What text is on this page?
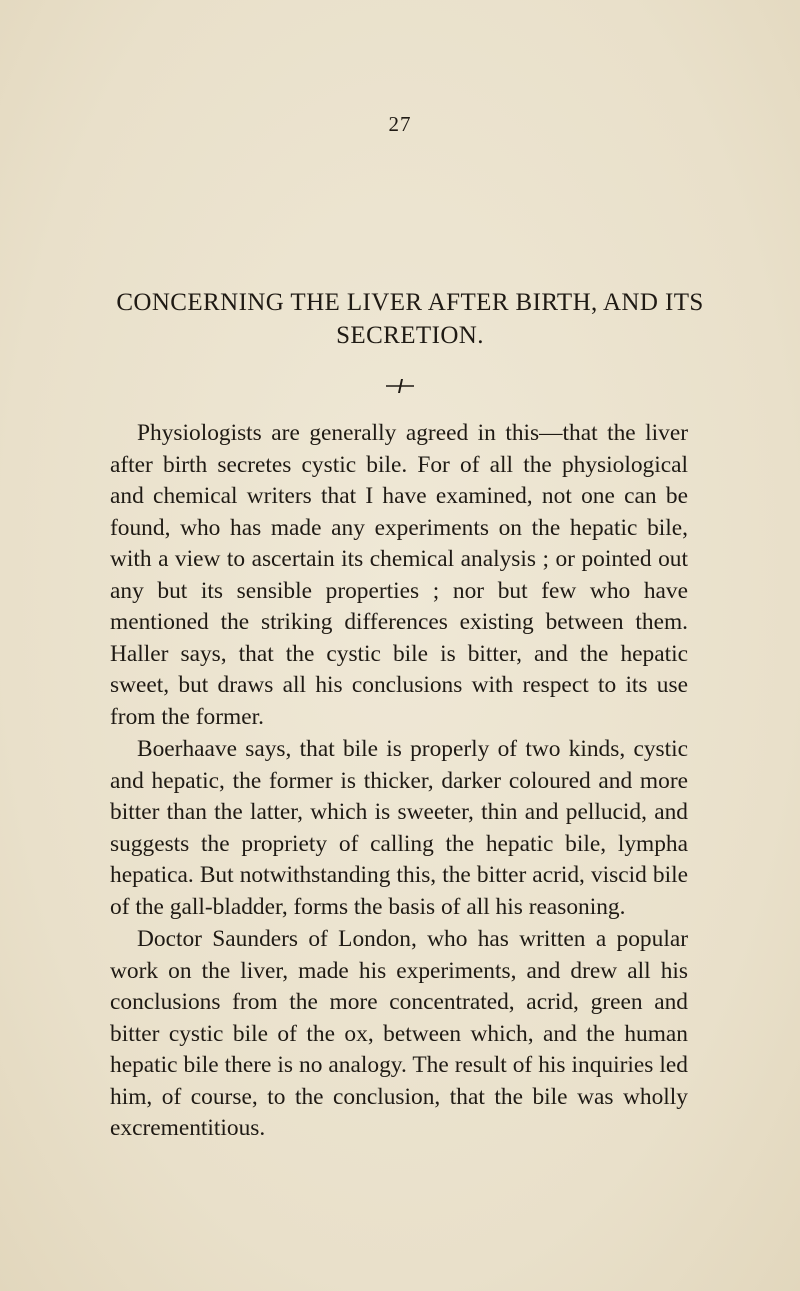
27
CONCERNING THE LIVER AFTER BIRTH, AND ITS SECRETION.

Physiologists are generally agreed in this—that the liver after birth secretes cystic bile. For of all the physiological and chemical writers that I have examined, not one can be found, who has made any experiments on the hepatic bile, with a view to ascertain its chemical analysis ; or pointed out any but its sensible properties ; nor but few who have mentioned the striking differences existing between them. Haller says, that the cystic bile is bitter, and the hepatic sweet, but draws all his conclusions with respect to its use from the former.

Boerhaave says, that bile is properly of two kinds, cystic and hepatic, the former is thicker, darker coloured and more bitter than the latter, which is sweeter, thin and pellucid, and suggests the propriety of calling the hepatic bile, lympha hepatica. But notwithstanding this, the bitter acrid, viscid bile of the gall-bladder, forms the basis of all his reasoning.

Doctor Saunders of London, who has written a popular work on the liver, made his experiments, and drew all his conclusions from the more concentrated, acrid, green and bitter cystic bile of the ox, between which, and the human hepatic bile there is no analogy. The result of his inquiries led him, of course, to the conclusion, that the bile was wholly excrementitious.
